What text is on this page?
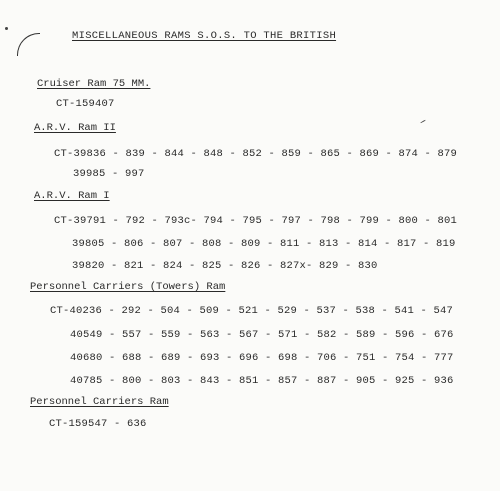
MISCELLANEOUS RAMS S.O.S. TO THE BRITISH
Cruiser Ram 75 MM.
CT-159407
A.R.V. Ram II
CT-39836 - 839 - 844 - 848 - 852 - 859 - 865 - 869 - 874 - 879
39985 - 997
A.R.V. Ram I
CT-39791 - 792 - 793c- 794 - 795 - 797 - 798 - 799 - 800 - 801
39805 - 806 - 807 - 808 - 809 - 811 - 813 - 814 - 817 - 819
39820 - 821 - 824 - 825 - 826 - 827x- 829 - 830
Personnel Carriers (Towers) Ram
CT-40236 - 292 - 504 - 509 - 521 - 529 - 537 - 538 - 541 - 547
40549 - 557 - 559 - 563 - 567 - 571 - 582 - 589 - 596 - 676
40680 - 688 - 689 - 693 - 696 - 698 - 706 - 751 - 754 - 777
40785 - 800 - 803 - 843 - 851 - 857 - 887 - 905 - 925 - 936
Personnel Carriers Ram
CT-159547 - 636
